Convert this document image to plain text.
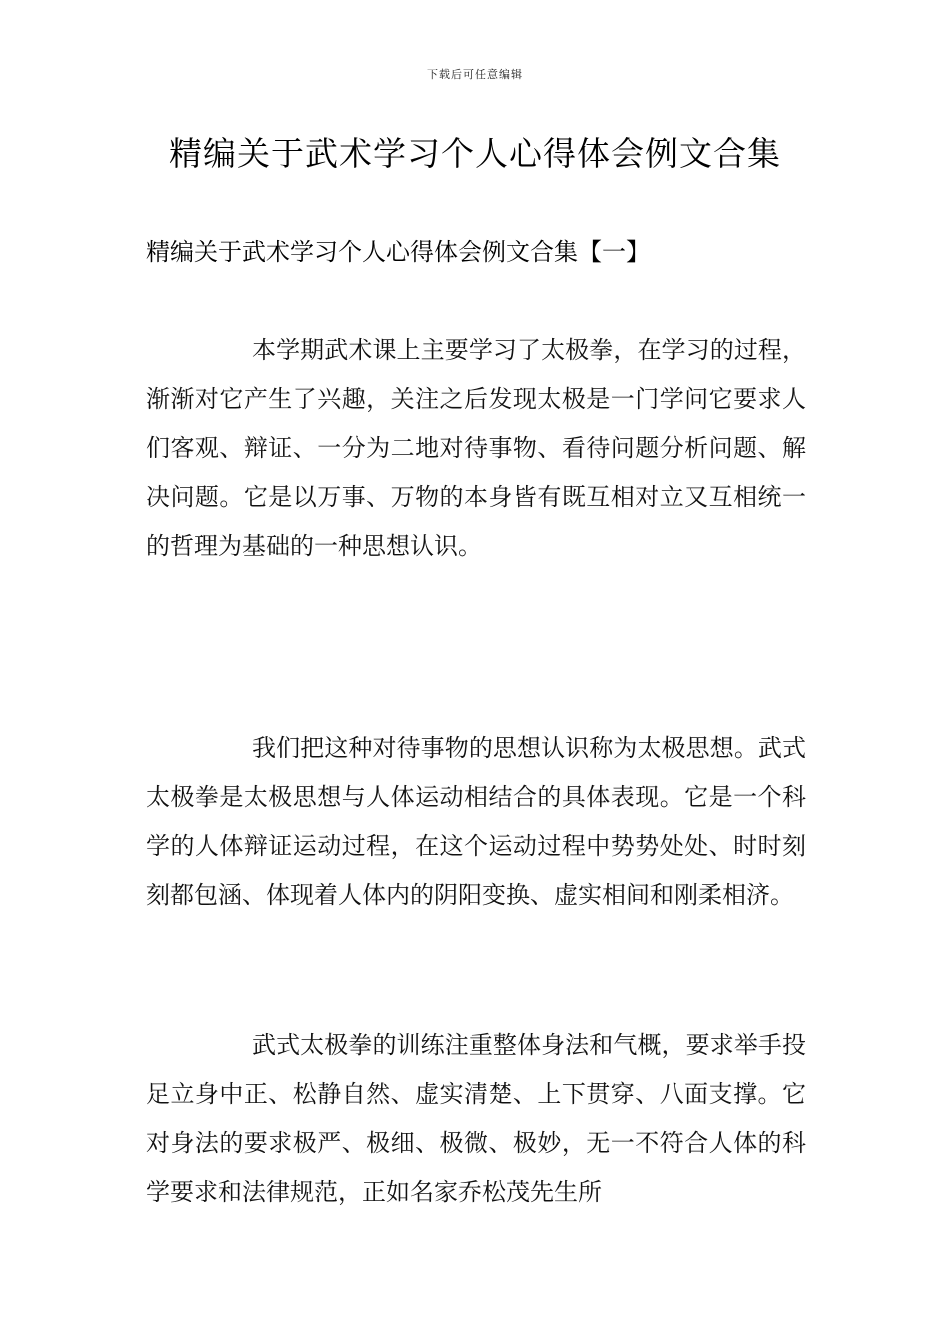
下载后可任意编辑
精编关于武术学习个人心得体会例文合集
精编关于武术学习个人心得体会例文合集【一】

本学期武术课上主要学习了太极拳，在学习的过程，渐渐对它产生了兴趣，关注之后发现太极是一门学问它要求人们客观、辩证、一分为二地对待事物、看待问题分析问题、解决问题。它是以万事、万物的本身皆有既互相对立又互相统一的哲理为基础的一种思想认识。

我们把这种对待事物的思想认识称为太极思想。武式太极拳是太极思想与人体运动相结合的具体表现。它是一个科学的人体辩证运动过程，在这个运动过程中势势处处、时时刻刻都包涵、体现着人体内的阴阳变换、虚实相间和刚柔相济。

武式太极拳的训练注重整体身法和气概，要求举手投足立身中正、松静自然、虚实清楚、上下贯穿、八面支撑。它对身法的要求极严、极细、极微、极妙，无一不符合人体的科学要求和法律规范，正如名家乔松茂先生所
